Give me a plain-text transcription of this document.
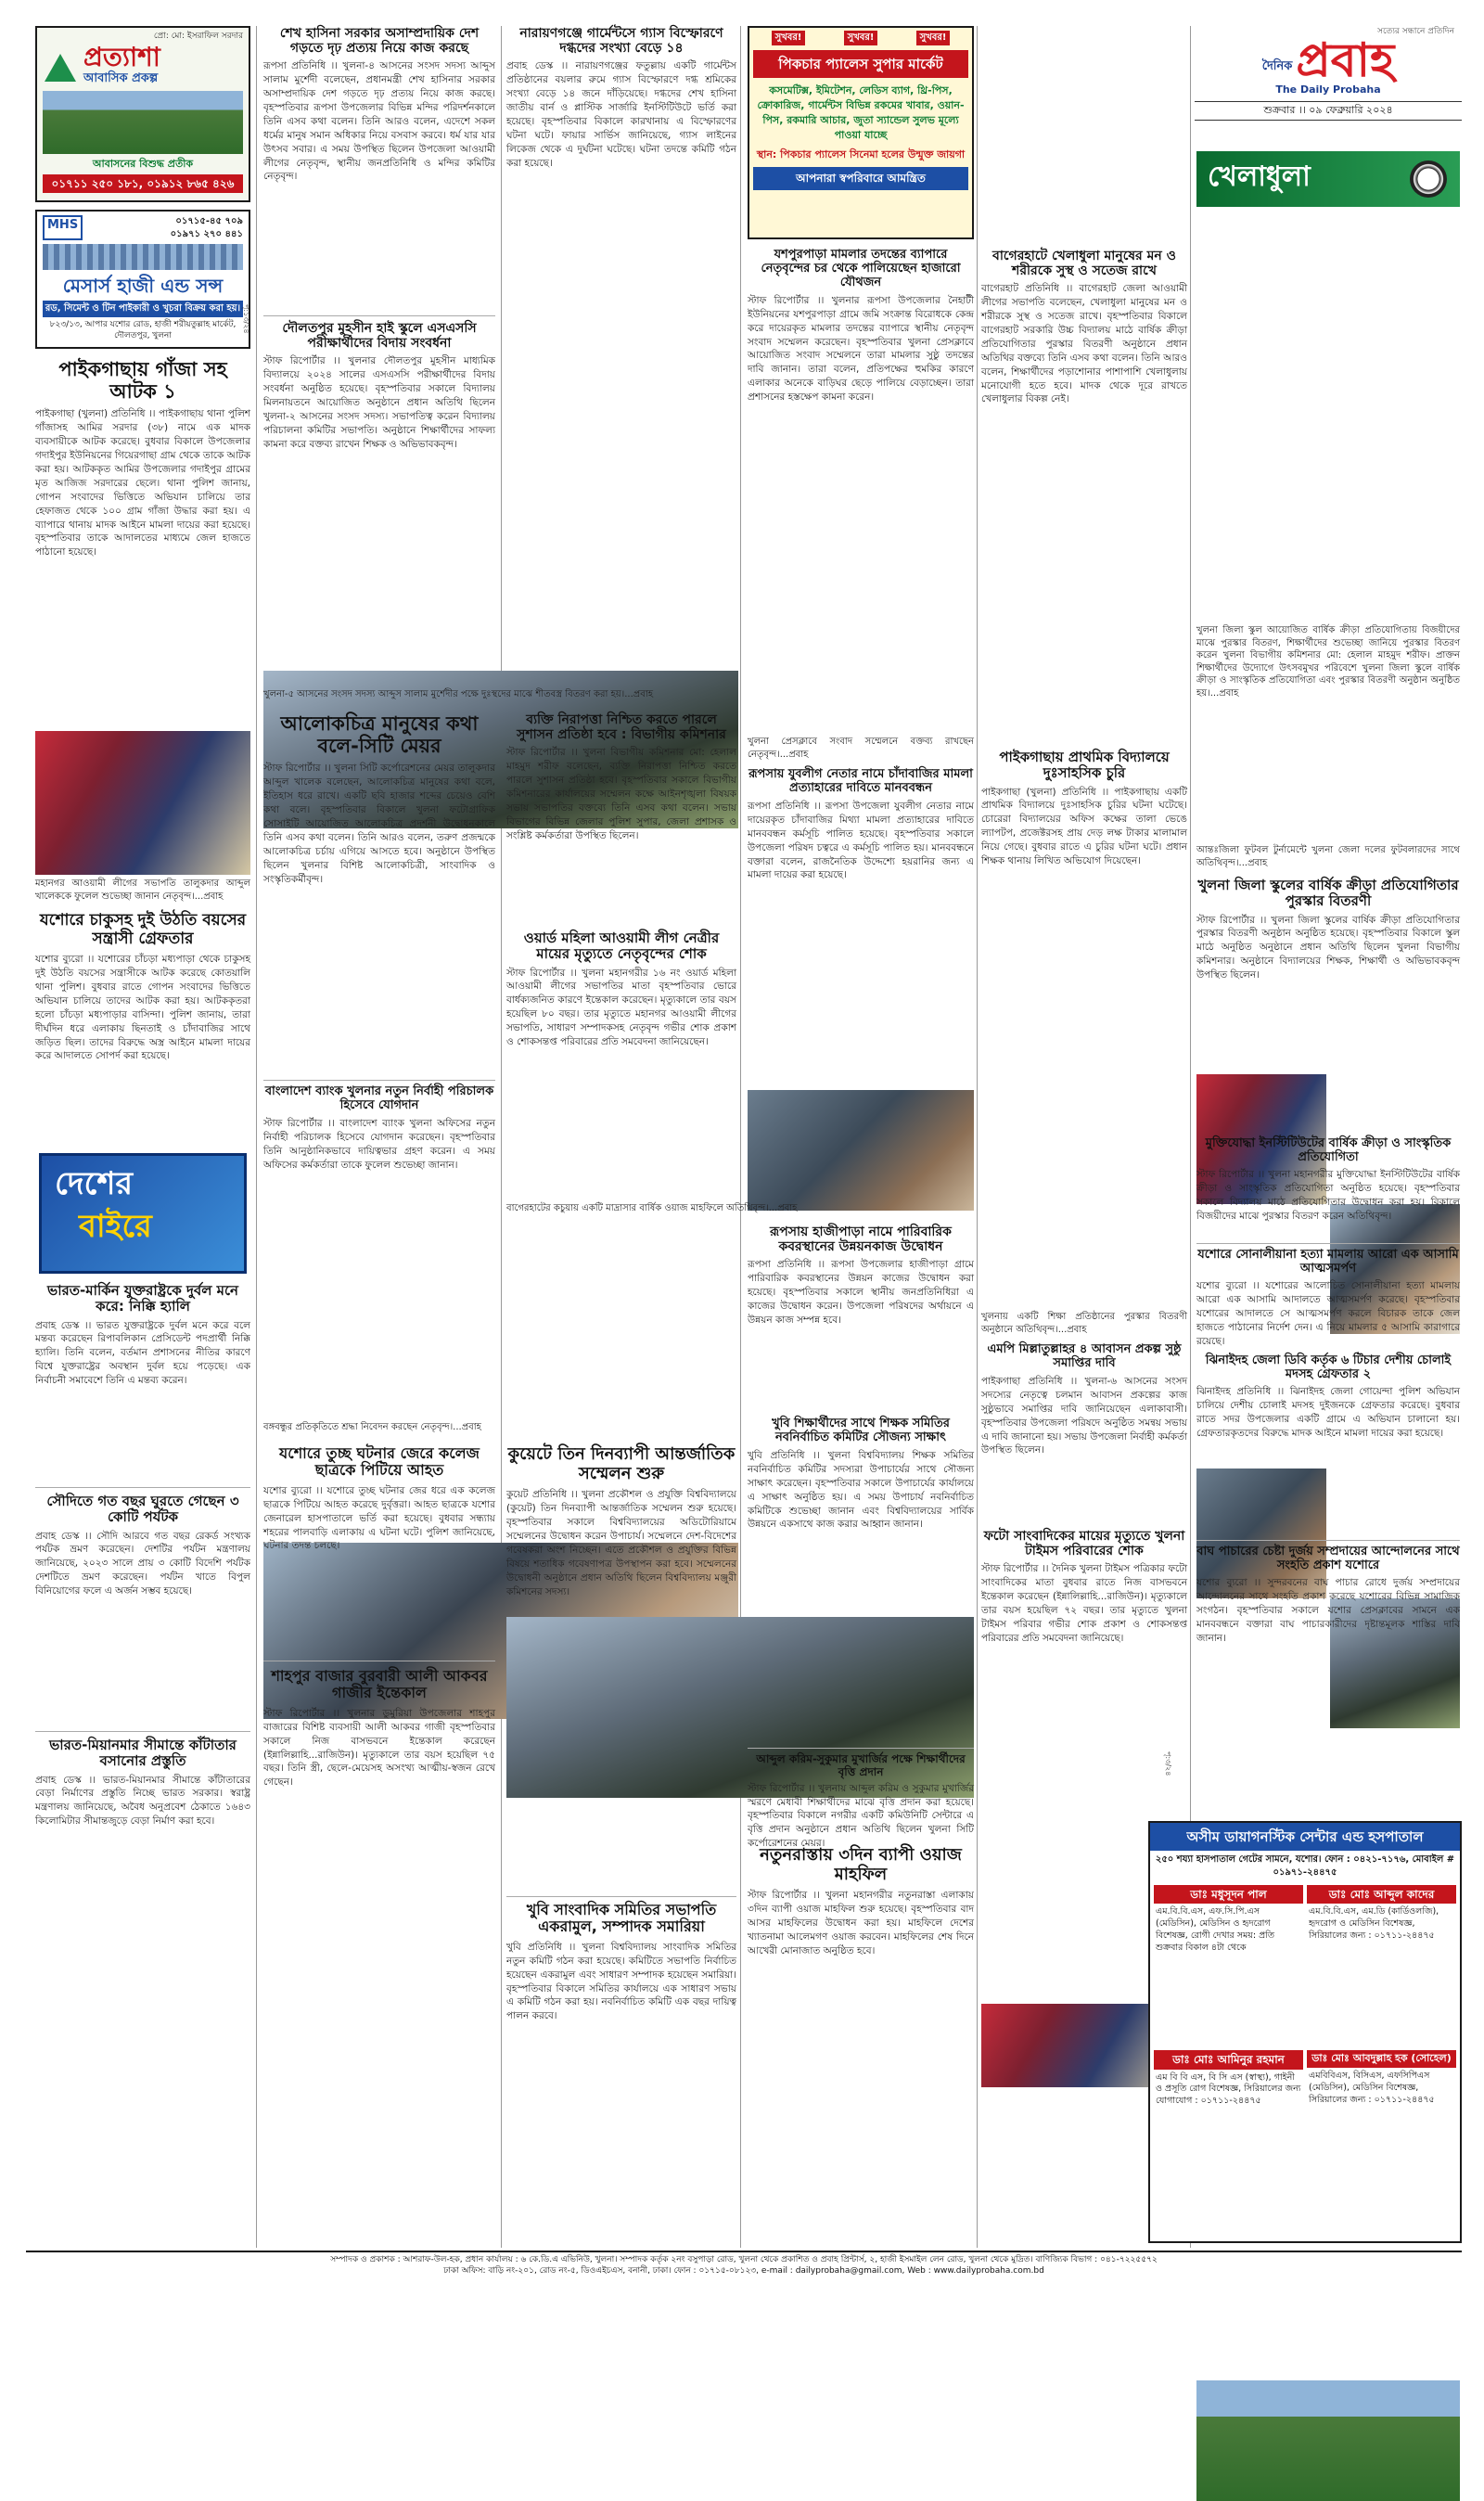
প্রো: মো: ইসরাফিল সরদার
প্রত্যাশা
আবাসিক প্রকল্প
আবাসনের বিশুদ্ধ প্রতীক
০১৭১১ ২৫০ ১৮১, ০১৯১২ ৮৬৫ ৪২৬
MHS	০১৭১৫-৪৫ ৭০৯
০১৯৭১ ২৭০ ৪৪১
মেসার্স হাজী এন্ড সন্স
রড, সিমেন্ট ও টিন পাইকারী ও খুচরা বিক্রয় করা হয়।
৮২৩/১৩, আপার যশোর রোড, হাজী শরীয়তুল্লাহ মার্কেট, দৌলতপুর, খুলনা
পাইকগাছায় গাঁজা সহ আটক ১
পাইকগাছা (খুলনা) প্রতিনিধি ।। পাইকগাছায় থানা পুলিশ গাঁজাসহ আমির সরদার (৩৮) নামে এক মাদক ব্যবসায়ীকে আটক করেছে। বুধবার বিকালে উপজেলার গদাইপুর ইউনিয়নের গিয়েরগাছা গ্রাম থেকে তাকে আটক করা হয়। আটককৃত আমির উপজেলার গদাইপুর গ্রামের মৃত আজিজ সরদারের ছেলে। থানা পুলিশ জানায়, গোপন সংবাদের ভিত্তিতে অভিযান চালিয়ে তার হেফাজত থেকে ১০০ গ্রাম গাঁজা উদ্ধার করা হয়। এ ব্যাপারে থানায় মাদক আইনে মামলা দায়ের করা হয়েছে। বৃহস্পতিবার তাকে আদালতের মাধ্যমে জেল হাজতে পাঠানো হয়েছে।
মহানগর আওয়ামী লীগের সভাপতি তালুকদার আব্দুল খালেককে ফুলেল শুভেচ্ছা জানান নেতৃবৃন্দ।...প্রবাহ
যশোরে চাকুসহ দুই উঠতি বয়সের সন্ত্রাসী গ্রেফতার
যশোর ব্যুরো ।। যশোরের চাঁচড়া মধ্যপাড়া থেকে চাকুসহ দুই উঠতি বয়সের সন্ত্রাসীকে আটক করেছে কোতয়ালি থানা পুলিশ। বুধবার রাতে গোপন সংবাদের ভিত্তিতে অভিযান চালিয়ে তাদের আটক করা হয়। আটককৃতরা হলো চাঁচড়া মধ্যপাড়ার বাসিন্দা। পুলিশ জানায়, তারা দীর্ঘদিন ধরে এলাকায় ছিনতাই ও চাঁদাবাজির সাথে জড়িত ছিল। তাদের বিরুদ্ধে অস্ত্র আইনে মামলা দায়ের করে আদালতে সোপর্দ করা হয়েছে।
দেশের
বাইরে
ভারত-মার্কিন যুক্তরাষ্ট্রকে দুর্বল মনে করে: নিক্কি হ্যালি
প্রবাহ ডেস্ক ।। ভারত যুক্তরাষ্ট্রকে দুর্বল মনে করে বলে মন্তব্য করেছেন রিপাবলিকান প্রেসিডেন্ট পদপ্রার্থী নিক্কি হ্যালি। তিনি বলেন, বর্তমান প্রশাসনের নীতির কারণে বিশ্বে যুক্তরাষ্ট্রের অবস্থান দুর্বল হয়ে পড়েছে। এক নির্বাচনী সমাবেশে তিনি এ মন্তব্য করেন।
সৌদিতে গত বছর ঘুরতে গেছেন ৩ কোটি পর্যটক
প্রবাহ ডেস্ক ।। সৌদি আরবে গত বছর রেকর্ড সংখ্যক পর্যটক ভ্রমণ করেছেন। দেশটির পর্যটন মন্ত্রণালয় জানিয়েছে, ২০২৩ সালে প্রায় ৩ কোটি বিদেশি পর্যটক দেশটিতে ভ্রমণ করেছেন। পর্যটন খাতে বিপুল বিনিয়োগের ফলে এ অর্জন সম্ভব হয়েছে।
ভারত-মিয়ানমার সীমান্তে কাঁটাতার বসানোর প্রস্তুতি
প্রবাহ ডেস্ক ।। ভারত-মিয়ানমার সীমান্তে কাঁটাতারের বেড়া নির্মাণের প্রস্তুতি নিচ্ছে ভারত সরকার। স্বরাষ্ট্র মন্ত্রণালয় জানিয়েছে, অবৈধ অনুপ্রবেশ ঠেকাতে ১৬৪৩ কিলোমিটার সীমান্তজুড়ে বেড়া নির্মাণ করা হবে।
শেখ হাসিনা সরকার অসাম্প্রদায়িক দেশ গড়তে দৃঢ় প্রত্যয় নিয়ে কাজ করছে
রূপসা প্রতিনিধি ।। খুলনা-৪ আসনের সংসদ সদস্য আব্দুস সালাম মুর্শেদী বলেছেন, প্রধানমন্ত্রী শেখ হাসিনার সরকার অসাম্প্রদায়িক দেশ গড়তে দৃঢ় প্রত্যয় নিয়ে কাজ করছে। বৃহস্পতিবার রূপসা উপজেলার বিভিন্ন মন্দির পরিদর্শনকালে তিনি এসব কথা বলেন। তিনি আরও বলেন, এদেশে সকল ধর্মের মানুষ সমান অধিকার নিয়ে বসবাস করবে। ধর্ম যার যার উৎসব সবার। এ সময় উপস্থিত ছিলেন উপজেলা আওয়ামী লীগের নেতৃবৃন্দ, স্থানীয় জনপ্রতিনিধি ও মন্দির কমিটির নেতৃবৃন্দ।
দৌলতপুর মুহসীন হাই স্কুলে এসএসসি পরীক্ষার্থীদের বিদায় সংবর্ধনা
স্টাফ রিপোর্টার ।। খুলনার দৌলতপুর মুহসীন মাধ্যমিক বিদ্যালয়ে ২০২৪ সালের এসএসসি পরীক্ষার্থীদের বিদায় সংবর্ধনা অনুষ্ঠিত হয়েছে। বৃহস্পতিবার সকালে বিদ্যালয় মিলনায়তনে আয়োজিত অনুষ্ঠানে প্রধান অতিথি ছিলেন খুলনা-২ আসনের সংসদ সদস্য। সভাপতিত্ব করেন বিদ্যালয় পরিচালনা কমিটির সভাপতি। অনুষ্ঠানে শিক্ষার্থীদের সাফল্য কামনা করে বক্তব্য রাখেন শিক্ষক ও অভিভাবকবৃন্দ।
খুলনা-৫ আসনের সংসদ সদস্য আব্দুস সালাম মুর্শেদীর পক্ষে দুঃস্থদের মাঝে শীতবস্ত্র বিতরণ করা হয়।...প্রবাহ
আলোকচিত্র মানুষের কথা বলে-সিটি মেয়র
স্টাফ রিপোর্টার ।। খুলনা সিটি কর্পোরেশনের মেয়র তালুকদার আব্দুল খালেক বলেছেন, আলোকচিত্র মানুষের কথা বলে, ইতিহাস ধরে রাখে। একটি ছবি হাজার শব্দের চেয়েও বেশি কথা বলে। বৃহস্পতিবার বিকালে খুলনা ফটোগ্রাফিক সোসাইটি আয়োজিত আলোকচিত্র প্রদর্শনী উদ্বোধনকালে তিনি এসব কথা বলেন। তিনি আরও বলেন, তরুণ প্রজন্মকে আলোকচিত্র চর্চায় এগিয়ে আসতে হবে। অনুষ্ঠানে উপস্থিত ছিলেন খুলনার বিশিষ্ট আলোকচিত্রী, সাংবাদিক ও সংস্কৃতিকর্মীবৃন্দ।
বাংলাদেশ ব্যাংক খুলনার নতুন নির্বাহী পরিচালক হিসেবে যোগদান
স্টাফ রিপোর্টার ।। বাংলাদেশ ব্যাংক খুলনা অফিসের নতুন নির্বাহী পরিচালক হিসেবে যোগদান করেছেন। বৃহস্পতিবার তিনি আনুষ্ঠানিকভাবে দায়িত্বভার গ্রহণ করেন। এ সময় অফিসের কর্মকর্তারা তাকে ফুলেল শুভেচ্ছা জানান।
বঙ্গবন্ধুর প্রতিকৃতিতে শ্রদ্ধা নিবেদন করছেন নেতৃবৃন্দ।...প্রবাহ
যশোরে তুচ্ছ ঘটনার জেরে কলেজ ছাত্রকে পিটিয়ে আহত
যশোর ব্যুরো ।। যশোরে তুচ্ছ ঘটনার জের ধরে এক কলেজ ছাত্রকে পিটিয়ে আহত করেছে দুর্বৃত্তরা। আহত ছাত্রকে যশোর জেনারেল হাসপাতালে ভর্তি করা হয়েছে। বুধবার সন্ধ্যায় শহরের পালবাড়ি এলাকায় এ ঘটনা ঘটে। পুলিশ জানিয়েছে, ঘটনার তদন্ত চলছে।
শাহপুর বাজার বুরবারী আলী আকবর গাজীর ইন্তেকাল
স্টাফ রিপোর্টার ।। খুলনার ডুমুরিয়া উপজেলার শাহপুর বাজারের বিশিষ্ট ব্যবসায়ী আলী আকবর গাজী বৃহস্পতিবার সকালে নিজ বাসভবনে ইন্তেকাল করেছেন (ইন্নালিল্লাহি...রাজিউন)। মৃত্যুকালে তার বয়স হয়েছিল ৭৫ বছর। তিনি স্ত্রী, ছেলে-মেয়েসহ অসংখ্য আত্মীয়-স্বজন রেখে গেছেন।
নারায়ণগঞ্জে গার্মেন্টসে গ্যাস বিস্ফোরণে দগ্ধদের সংখ্যা বেড়ে ১৪
প্রবাহ ডেস্ক ।। নারায়ণগঞ্জের ফতুল্লায় একটি গার্মেন্টস প্রতিষ্ঠানের বয়লার রুমে গ্যাস বিস্ফোরণে দগ্ধ শ্রমিকের সংখ্যা বেড়ে ১৪ জনে দাঁড়িয়েছে। দগ্ধদের শেখ হাসিনা জাতীয় বার্ন ও প্লাস্টিক সার্জারি ইনস্টিটিউটে ভর্তি করা হয়েছে। বৃহস্পতিবার বিকালে কারখানায় এ বিস্ফোরণের ঘটনা ঘটে। ফায়ার সার্ভিস জানিয়েছে, গ্যাস লাইনের লিকেজ থেকে এ দুর্ঘটনা ঘটেছে। ঘটনা তদন্তে কমিটি গঠন করা হয়েছে।
ব্যক্তি নিরাপত্তা নিশ্চিত করতে পারলে সুশাসন প্রতিষ্ঠা হবে : বিভাগীয় কমিশনার
স্টাফ রিপোর্টার ।। খুলনা বিভাগীয় কমিশনার মো: হেলাল মাহমুদ শরীফ বলেছেন, ব্যক্তি নিরাপত্তা নিশ্চিত করতে পারলে সুশাসন প্রতিষ্ঠা হবে। বৃহস্পতিবার সকালে বিভাগীয় কমিশনারের কার্যালয়ের সম্মেলন কক্ষে আইনশৃঙ্খলা বিষয়ক সভায় সভাপতির বক্তব্যে তিনি এসব কথা বলেন। সভায় বিভাগের বিভিন্ন জেলার পুলিশ সুপার, জেলা প্রশাসক ও সংশ্লিষ্ট কর্মকর্তারা উপস্থিত ছিলেন।
ওয়ার্ড মহিলা আওয়ামী লীগ নেত্রীর মায়ের মৃত্যুতে নেতৃবৃন্দের শোক
স্টাফ রিপোর্টার ।। খুলনা মহানগরীর ১৬ নং ওয়ার্ড মহিলা আওয়ামী লীগের সভাপতির মাতা বৃহস্পতিবার ভোরে বার্ধক্যজনিত কারণে ইন্তেকাল করেছেন। মৃত্যুকালে তার বয়স হয়েছিল ৮০ বছর। তার মৃত্যুতে মহানগর আওয়ামী লীগের সভাপতি, সাধারণ সম্পাদকসহ নেতৃবৃন্দ গভীর শোক প্রকাশ ও শোকসন্তপ্ত পরিবারের প্রতি সমবেদনা জানিয়েছেন।
কুয়েটে তিন দিনব্যাপী আন্তর্জাতিক সম্মেলন শুরু
কুয়েট প্রতিনিধি ।। খুলনা প্রকৌশল ও প্রযুক্তি বিশ্ববিদ্যালয়ে (কুয়েট) তিন দিনব্যাপী আন্তর্জাতিক সম্মেলন শুরু হয়েছে। বৃহস্পতিবার সকালে বিশ্ববিদ্যালয়ের অডিটোরিয়ামে সম্মেলনের উদ্বোধন করেন উপাচার্য। সম্মেলনে দেশ-বিদেশের গবেষকরা অংশ নিচ্ছেন। এতে প্রকৌশল ও প্রযুক্তির বিভিন্ন বিষয়ে শতাধিক গবেষণাপত্র উপস্থাপন করা হবে। সম্মেলনের উদ্বোধনী অনুষ্ঠানে প্রধান অতিথি ছিলেন বিশ্ববিদ্যালয় মঞ্জুরী কমিশনের সদস্য।
খুবি সাংবাদিক সমিতির সভাপতি একরামুল, সম্পাদক সমারিয়া
খুবি প্রতিনিধি ।। খুলনা বিশ্ববিদ্যালয় সাংবাদিক সমিতির নতুন কমিটি গঠন করা হয়েছে। কমিটিতে সভাপতি নির্বাচিত হয়েছেন একরামুল এবং সাধারণ সম্পাদক হয়েছেন সমারিয়া। বৃহস্পতিবার বিকালে সমিতির কার্যালয়ে এক সাধারণ সভায় এ কমিটি গঠন করা হয়। নবনির্বাচিত কমিটি এক বছর দায়িত্ব পালন করবে।
সুখবর!	সুখবর!	সুখবর!
পিকচার প্যালেস সুপার মার্কেট
কসমেটিক্স, ইমিটেশন, লেডিস ব্যাগ, থ্রি-পিস, ক্রোকারিজ, গার্মেন্টস বিভিন্ন রকমের খাবার, ওয়ান-পিস, রকমারি আচার, জুতা স্যান্ডেল সুলভ মূল্যে পাওয়া যাচ্ছে
স্থান: পিকচার প্যালেস সিনেমা হলের উন্মুক্ত জায়গা
আপনারা স্বপরিবারে আমন্ত্রিত
যশপুরপাড়া মামলার তদন্তের ব্যাপারে নেতৃবৃন্দের চর থেকে পালিয়েছেন হাজারো যৌথজন
স্টাফ রিপোর্টার ।। খুলনার রূপসা উপজেলার নৈহাটী ইউনিয়নের যশপুরপাড়া গ্রামে জমি সংক্রান্ত বিরোধকে কেন্দ্র করে দায়েরকৃত মামলার তদন্তের ব্যাপারে স্থানীয় নেতৃবৃন্দ সংবাদ সম্মেলন করেছেন। বৃহস্পতিবার খুলনা প্রেসক্লাবে আয়োজিত সংবাদ সম্মেলনে তারা মামলার সুষ্ঠু তদন্তের দাবি জানান। তারা বলেন, প্রতিপক্ষের হুমকির কারণে এলাকার অনেকে বাড়িঘর ছেড়ে পালিয়ে বেড়াচ্ছেন। তারা প্রশাসনের হস্তক্ষেপ কামনা করেন।
খুলনা প্রেসক্লাবে সংবাদ সম্মেলনে বক্তব্য রাখছেন নেতৃবৃন্দ।...প্রবাহ
রূপসায় যুবলীগ নেতার নামে চাঁদাবাজির মামলা প্রত্যাহারের দাবিতে মানববন্ধন
রূপসা প্রতিনিধি ।। রূপসা উপজেলা যুবলীগ নেতার নামে দায়েরকৃত চাঁদাবাজির মিথ্যা মামলা প্রত্যাহারের দাবিতে মানববন্ধন কর্মসূচি পালিত হয়েছে। বৃহস্পতিবার সকালে উপজেলা পরিষদ চত্বরে এ কর্মসূচি পালিত হয়। মানববন্ধনে বক্তারা বলেন, রাজনৈতিক উদ্দেশ্যে হয়রানির জন্য এ মামলা দায়ের করা হয়েছে।
বাগেরহাটের কচুয়ায় একটি মাদ্রাসার বার্ষিক ওয়াজ মাহফিলে অতিথিবৃন্দ।...প্রবাহ
রূপসায় হাজীপাড়া নামে পারিবারিক কবরস্থানের উন্নয়নকাজ উদ্বোধন
রূপসা প্রতিনিধি ।। রূপসা উপজেলার হাজীপাড়া গ্রামে পারিবারিক কবরস্থানের উন্নয়ন কাজের উদ্বোধন করা হয়েছে। বৃহস্পতিবার সকালে স্থানীয় জনপ্রতিনিধিরা এ কাজের উদ্বোধন করেন। উপজেলা পরিষদের অর্থায়নে এ উন্নয়ন কাজ সম্পন্ন হবে।
খুবি শিক্ষার্থীদের সাথে শিক্ষক সমিতির নবনির্বাচিত কমিটির সৌজন্য সাক্ষাৎ
খুবি প্রতিনিধি ।। খুলনা বিশ্ববিদ্যালয় শিক্ষক সমিতির নবনির্বাচিত কমিটির সদস্যরা উপাচার্যের সাথে সৌজন্য সাক্ষাৎ করেছেন। বৃহস্পতিবার সকালে উপাচার্যের কার্যালয়ে এ সাক্ষাৎ অনুষ্ঠিত হয়। এ সময় উপাচার্য নবনির্বাচিত কমিটিকে শুভেচ্ছা জানান এবং বিশ্ববিদ্যালয়ের সার্বিক উন্নয়নে একসাথে কাজ করার আহ্বান জানান।
আব্দুল করিম-সুকুমার মুখার্জির পক্ষে শিক্ষার্থীদের বৃত্তি প্রদান
স্টাফ রিপোর্টার ।। খুলনায় আব্দুল করিম ও সুকুমার মুখার্জির স্মরণে মেধাবী শিক্ষার্থীদের মাঝে বৃত্তি প্রদান করা হয়েছে। বৃহস্পতিবার বিকালে নগরীর একটি কমিউনিটি সেন্টারে এ বৃত্তি প্রদান অনুষ্ঠানে প্রধান অতিথি ছিলেন খুলনা সিটি কর্পোরেশনের মেয়র।
নতুনরাস্তায় ৩দিন ব্যাপী ওয়াজ মাহফিল
স্টাফ রিপোর্টার ।। খুলনা মহানগরীর নতুনরাস্তা এলাকায় ৩দিন ব্যাপী ওয়াজ মাহফিল শুরু হয়েছে। বৃহস্পতিবার বাদ আসর মাহফিলের উদ্বোধন করা হয়। মাহফিলে দেশের খ্যাতনামা আলেমগণ ওয়াজ করবেন। মাহফিলের শেষ দিনে আখেরী মোনাজাত অনুষ্ঠিত হবে।
বাগেরহাটে খেলাধুলা মানুষের মন ও শরীরকে সুস্থ ও সতেজ রাখে
বাগেরহাট প্রতিনিধি ।। বাগেরহাট জেলা আওয়ামী লীগের সভাপতি বলেছেন, খেলাধুলা মানুষের মন ও শরীরকে সুস্থ ও সতেজ রাখে। বৃহস্পতিবার বিকালে বাগেরহাট সরকারি উচ্চ বিদ্যালয় মাঠে বার্ষিক ক্রীড়া প্রতিযোগিতার পুরস্কার বিতরণী অনুষ্ঠানে প্রধান অতিথির বক্তব্যে তিনি এসব কথা বলেন। তিনি আরও বলেন, শিক্ষার্থীদের পড়াশোনার পাশাপাশি খেলাধুলায় মনোযোগী হতে হবে। মাদক থেকে দূরে রাখতে খেলাধুলার বিকল্প নেই।
পাইকগাছায় প্রাথমিক বিদ্যালয়ে দুঃসাহসিক চুরি
পাইকগাছা (খুলনা) প্রতিনিধি ।। পাইকগাছায় একটি প্রাথমিক বিদ্যালয়ে দুঃসাহসিক চুরির ঘটনা ঘটেছে। চোরেরা বিদ্যালয়ের অফিস কক্ষের তালা ভেঙে ল্যাপটপ, প্রজেক্টরসহ প্রায় দেড় লক্ষ টাকার মালামাল নিয়ে গেছে। বুধবার রাতে এ চুরির ঘটনা ঘটে। প্রধান শিক্ষক থানায় লিখিত অভিযোগ দিয়েছেন।
খুলনায় একটি শিক্ষা প্রতিষ্ঠানের পুরস্কার বিতরণী অনুষ্ঠানে অতিথিবৃন্দ।...প্রবাহ
এমপি মিল্লাতুল্লাহর ৪ আবাসন প্রকল্প সুষ্ঠু সমাপ্তির দাবি
পাইকগাছা প্রতিনিধি ।। খুলনা-৬ আসনের সংসদ সদস্যের নেতৃত্বে চলমান আবাসন প্রকল্পের কাজ সুষ্ঠুভাবে সমাপ্তির দাবি জানিয়েছেন এলাকাবাসী। বৃহস্পতিবার উপজেলা পরিষদে অনুষ্ঠিত সমন্বয় সভায় এ দাবি জানানো হয়। সভায় উপজেলা নির্বাহী কর্মকর্তা উপস্থিত ছিলেন।
ফটো সাংবাদিকের মায়ের মৃত্যুতে খুলনা টাইমস পরিবারের শোক
স্টাফ রিপোর্টার ।। দৈনিক খুলনা টাইমস পত্রিকার ফটো সাংবাদিকের মাতা বুধবার রাতে নিজ বাসভবনে ইন্তেকাল করেছেন (ইন্নালিল্লাহি...রাজিউন)। মৃত্যুকালে তার বয়স হয়েছিল ৭২ বছর। তার মৃত্যুতে খুলনা টাইমস পরিবার গভীর শোক প্রকাশ ও শোকসন্তপ্ত পরিবারের প্রতি সমবেদনা জানিয়েছে।
সত্যের সন্ধানে প্রতিদিন
দৈনিক প্রবাহ
The Daily Probaha
শুক্রবার ।। ০৯ ফেব্রুয়ারি ২০২৪
খেলাধুলা
খুলনা জিলা স্কুল আয়োজিত বার্ষিক ক্রীড়া প্রতিযোগিতায় বিজয়ীদের মাঝে পুরস্কার বিতরণ, শিক্ষার্থীদের শুভেচ্ছা জানিয়ে পুরস্কার বিতরণ করেন খুলনা বিভাগীয় কমিশনার মো: হেলাল মাহমুদ শরীফ। প্রাক্তন শিক্ষার্থীদের উদ্যোগে উৎসবমুখর পরিবেশে খুলনা জিলা স্কুলে বার্ষিক ক্রীড়া ও সাংস্কৃতিক প্রতিযোগিতা এবং পুরস্কার বিতরণী অনুষ্ঠান অনুষ্ঠিত হয়।...প্রবাহ
আন্তঃজিলা ফুটবল টুর্নামেন্টে খুলনা জেলা দলের ফুটবলারদের সাথে অতিথিবৃন্দ।...প্রবাহ
খুলনা জিলা স্কুলের বার্ষিক ক্রীড়া প্রতিযোগিতার পুরস্কার বিতরণী
স্টাফ রিপোর্টার ।। খুলনা জিলা স্কুলের বার্ষিক ক্রীড়া প্রতিযোগিতার পুরস্কার বিতরণী অনুষ্ঠান অনুষ্ঠিত হয়েছে। বৃহস্পতিবার বিকালে স্কুল মাঠে অনুষ্ঠিত অনুষ্ঠানে প্রধান অতিথি ছিলেন খুলনা বিভাগীয় কমিশনার। অনুষ্ঠানে বিদ্যালয়ের শিক্ষক, শিক্ষার্থী ও অভিভাবকবৃন্দ উপস্থিত ছিলেন।
মুক্তিযোদ্ধা ইনস্টিটিউটের বার্ষিক ক্রীড়া ও সাংস্কৃতিক প্রতিযোগিতা
স্টাফ রিপোর্টার ।। খুলনা মহানগরীর মুক্তিযোদ্ধা ইনস্টিটিউটের বার্ষিক ক্রীড়া ও সাংস্কৃতিক প্রতিযোগিতা অনুষ্ঠিত হয়েছে। বৃহস্পতিবার সকালে বিদ্যালয় মাঠে প্রতিযোগিতার উদ্বোধন করা হয়। বিকালে বিজয়ীদের মাঝে পুরস্কার বিতরণ করেন অতিথিবৃন্দ।
যশোরে সোনালীয়ানা হত্যা মামলায় আরো এক আসামি আত্মসমর্পণ
যশোর ব্যুরো ।। যশোরের আলোচিত সোনালীয়ানা হত্যা মামলায় আরো এক আসামি আদালতে আত্মসমর্পণ করেছে। বৃহস্পতিবার যশোরের আদালতে সে আত্মসমর্পণ করলে বিচারক তাকে জেল হাজতে পাঠানোর নির্দেশ দেন। এ নিয়ে মামলার ৫ আসামি কারাগারে রয়েছে।
ঝিনাইদহ জেলা ডিবি কর্তৃক ৬ টিচার দেশীয় চোলাই মদসহ গ্রেফতার ২
ঝিনাইদহ প্রতিনিধি ।। ঝিনাইদহ জেলা গোয়েন্দা পুলিশ অভিযান চালিয়ে দেশীয় চোলাই মদসহ দুইজনকে গ্রেফতার করেছে। বুধবার রাতে সদর উপজেলার একটি গ্রামে এ অভিযান চালানো হয়। গ্রেফতারকৃতদের বিরুদ্ধে মাদক আইনে মামলা দায়ের করা হয়েছে।
বাঘ পাচারের চেষ্টা দুর্জয় সম্প্রদায়ের আন্দোলনের সাথে সংহতি প্রকাশ যশোরে
যশোর ব্যুরো ।। সুন্দরবনের বাঘ পাচার রোধে দুর্জয় সম্প্রদায়ের আন্দোলনের সাথে সংহতি প্রকাশ করেছে যশোরের বিভিন্ন সামাজিক সংগঠন। বৃহস্পতিবার সকালে যশোর প্রেসক্লাবের সামনে এক মানববন্ধনে বক্তারা বাঘ পাচারকারীদের দৃষ্টান্তমূলক শাস্তির দাবি জানান।
অসীম ডায়াগনস্টিক সেন্টার এন্ড হসপাতাল
২৫০ শয্যা হাসপাতাল গেটের সামনে, যশোর। ফোন : ০৪২১-৭১৭৬, মোবাইল # ০১৯৭১-২৪৪৭৫
ডাঃ মধুসূদন পাল
এম.বি.বি.এস, এফ.সি.পি.এস (মেডিসিন), মেডিসিন ও হৃদরোগ বিশেষজ্ঞ, রোগী দেখার সময়: প্রতি শুক্রবার বিকাল ৪টা থেকে
ডাঃ মোঃ আব্দুল কাদের
এম.বি.বি.এস, এম.ডি (কার্ডিওলজি), হৃদরোগ ও মেডিসিন বিশেষজ্ঞ, সিরিয়ালের জন্য : ০১৭১১-২৪৪৭৫
ডাঃ মোঃ আমিনুর রহমান
এম বি বি এস, বি সি এস (স্বাস্থ্য), গাইনী ও প্রসূতি রোগ বিশেষজ্ঞ, সিরিয়ালের জন্য যোগাযোগ : ০১৭১১-২৪৪৭৫
ডাঃ মোঃ আবদুল্লাহ হক (সোহেল)
এমবিবিএস, বিসিএস, এফসিপিএস (মেডিসিন), মেডিসিন বিশেষজ্ঞ, সিরিয়ালের জন্য : ০১৭১১-২৪৪৭৫
পৃ:১৩/২৪
পৃ:৩/২৪
সম্পাদক ও প্রকাশক : আশরাফ-উল-হক, প্রধান কার্যালয় : ৬ কে.ডি.এ এভিনিউ, খুলনা। সম্পাদক কর্তৃক ২নং বসুপাড়া রোড, খুলনা থেকে প্রকাশিত ও প্রবাহ প্রিন্টার্স, ২, হাজী ইসমাইল লেন রোড, খুলনা থেকে মুদ্রিত। বাণিজ্যিক বিভাগ : ০৪১-৭২২৫৫৭২
ঢাকা অফিস: বাড়ি নং-২০১, রোড নং-৫, ডিওএইচএস, বনানী, ঢাকা। ফোন : ০১৭১৫-০৮১২৩, e-mail : dailyprobaha@gmail.com, Web : www.dailyprobaha.com.bd
